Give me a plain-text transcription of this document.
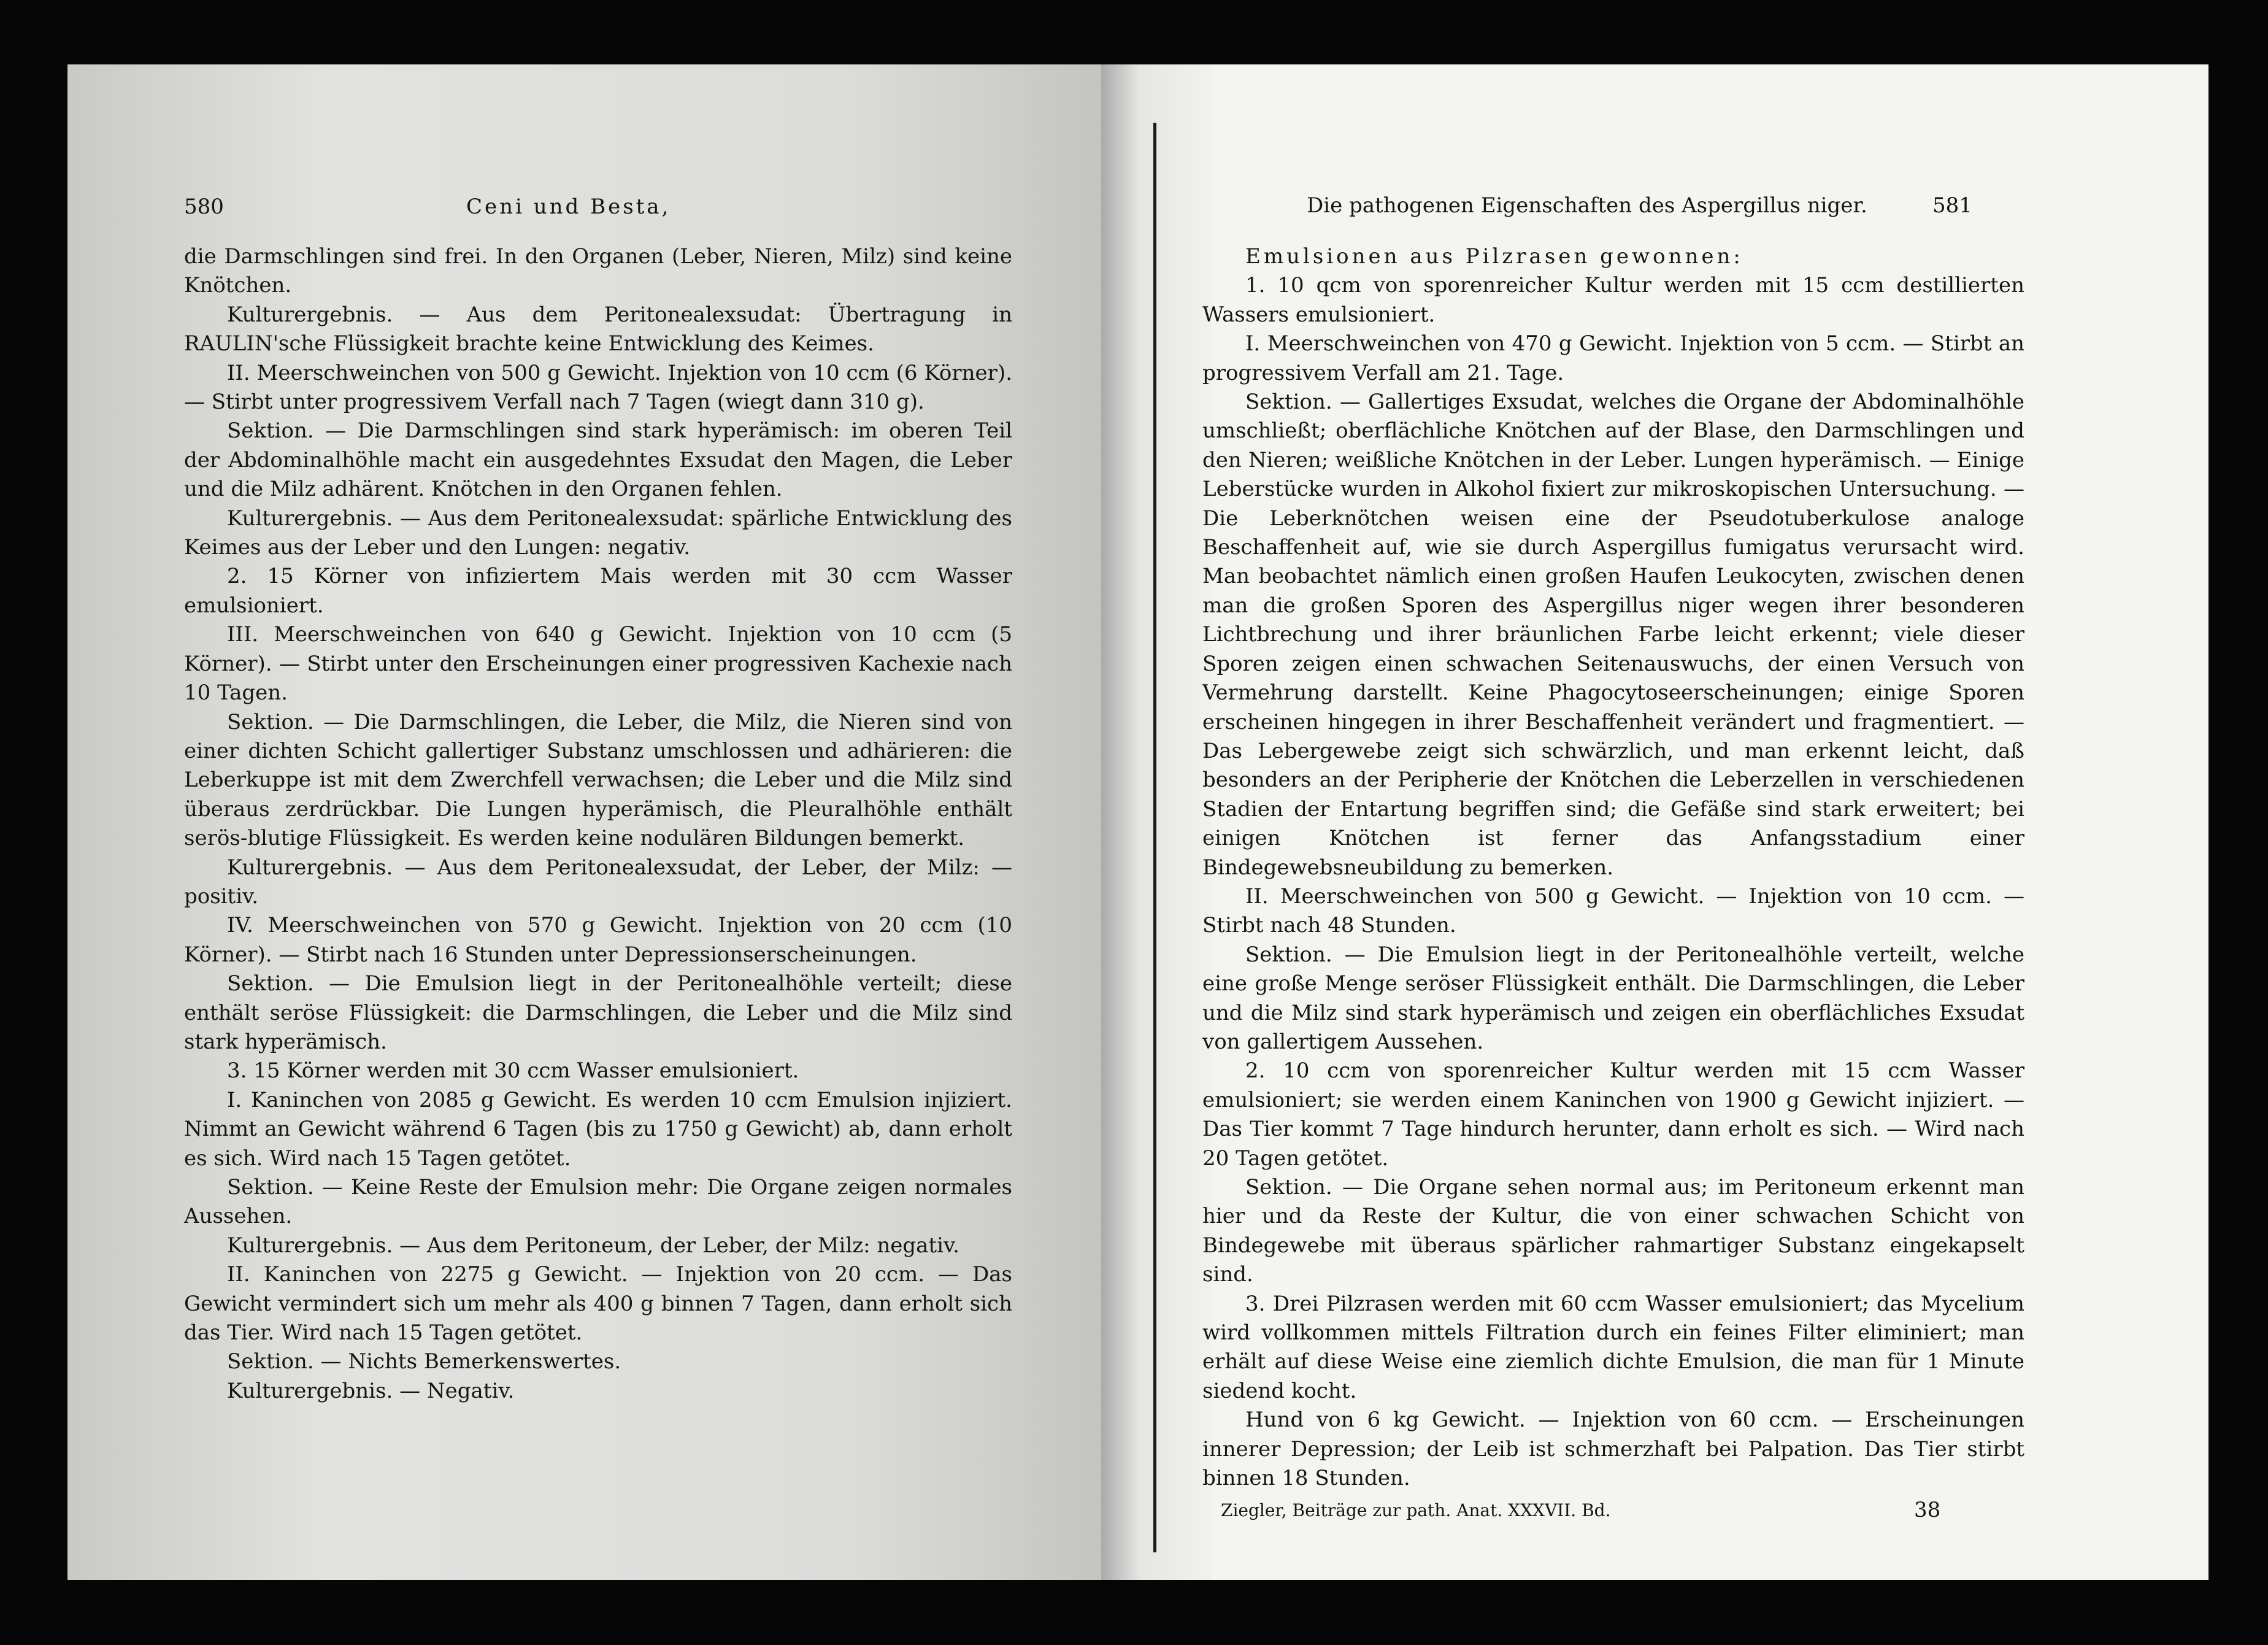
580	Ceni und Besta,	Die pathogenen Eigenschaften des Aspergillus niger.	581

die Darmschlingen sind frei. In den Organen (Leber, Nieren, Milz) sind keine Knötchen.

Kulturergebnis. — Aus dem Peritonealexsudat: Übertragung in RAULIN'sche Flüssigkeit brachte keine Entwicklung des Keimes.

II. Meerschweinchen von 500 g Gewicht. Injektion von 10 ccm (6 Körner). — Stirbt unter progressivem Verfall nach 7 Tagen (wiegt dann 310 g).

Sektion. — Die Darmschlingen sind stark hyperämisch: im oberen Teil der Abdominalhöhle macht ein ausgedehntes Exsudat den Magen, die Leber und die Milz adhärent. Knötchen in den Organen fehlen.

Kulturergebnis. — Aus dem Peritonealexsudat: spärliche Entwicklung des Keimes aus der Leber und den Lungen: negativ.

2. 15 Körner von infiziertem Mais werden mit 30 ccm Wasser emulsioniert.

III. Meerschweinchen von 640 g Gewicht. Injektion von 10 ccm (5 Körner). — Stirbt unter den Erscheinungen einer progressiven Kachexie nach 10 Tagen.

Sektion. — Die Darmschlingen, die Leber, die Milz, die Nieren sind von einer dichten Schicht gallertiger Substanz umschlossen und adhärieren: die Leberkuppe ist mit dem Zwerchfell verwachsen; die Leber und die Milz sind überaus zerdrückbar. Die Lungen hyperämisch, die Pleuralhöhle enthält serös-blutige Flüssigkeit. Es werden keine nodulären Bildungen bemerkt.

Kulturergebnis. — Aus dem Peritonealexsudat, der Leber, der Milz: — positiv.

IV. Meerschweinchen von 570 g Gewicht. Injektion von 20 ccm (10 Körner). — Stirbt nach 16 Stunden unter Depressionserscheinungen.

Sektion. — Die Emulsion liegt in der Peritonealhöhle verteilt; diese enthält seröse Flüssigkeit: die Darmschlingen, die Leber und die Milz sind stark hyperämisch.

3. 15 Körner werden mit 30 ccm Wasser emulsioniert.

I. Kaninchen von 2085 g Gewicht. Es werden 10 ccm Emulsion injiziert. Nimmt an Gewicht während 6 Tagen (bis zu 1750 g Gewicht) ab, dann erholt es sich. Wird nach 15 Tagen getötet.

Sektion. — Keine Reste der Emulsion mehr: Die Organe zeigen normales Aussehen.

Kulturergebnis. — Aus dem Peritoneum, der Leber, der Milz: negativ.

II. Kaninchen von 2275 g Gewicht. — Injektion von 20 ccm. — Das Gewicht vermindert sich um mehr als 400 g binnen 7 Tagen, dann erholt sich das Tier. Wird nach 15 Tagen getötet.

Sektion. — Nichts Bemerkenswertes.

Kulturergebnis. — Negativ.

Emulsionen aus Pilzrasen gewonnen:

1. 10 qcm von sporenreicher Kultur werden mit 15 ccm destillierten Wassers emulsioniert.

I. Meerschweinchen von 470 g Gewicht. Injektion von 5 ccm. — Stirbt an progressivem Verfall am 21. Tage.

Sektion. — Gallertiges Exsudat, welches die Organe der Abdominalhöhle umschließt; oberflächliche Knötchen auf der Blase, den Darmschlingen und den Nieren; weißliche Knötchen in der Leber. Lungen hyperämisch. — Einige Leberstücke wurden in Alkohol fixiert zur mikroskopischen Untersuchung. — Die Leberknötchen weisen eine der Pseudotuberkulose analoge Beschaffenheit auf, wie sie durch Aspergillus fumigatus verursacht wird. Man beobachtet nämlich einen großen Haufen Leukocyten, zwischen denen man die großen Sporen des Aspergillus niger wegen ihrer besonderen Lichtbrechung und ihrer bräunlichen Farbe leicht erkennt; viele dieser Sporen zeigen einen schwachen Seitenauswuchs, der einen Versuch von Vermehrung darstellt. Keine Phagocytoseerscheinungen; einige Sporen erscheinen hingegen in ihrer Beschaffenheit verändert und fragmentiert. — Das Lebergewebe zeigt sich schwärzlich, und man erkennt leicht, daß besonders an der Peripherie der Knötchen die Leberzellen in verschiedenen Stadien der Entartung begriffen sind; die Gefäße sind stark erweitert; bei einigen Knötchen ist ferner das Anfangsstadium einer Bindegewebsneubildung zu bemerken.

II. Meerschweinchen von 500 g Gewicht. — Injektion von 10 ccm. — Stirbt nach 48 Stunden.

Sektion. — Die Emulsion liegt in der Peritonealhöhle verteilt, welche eine große Menge seröser Flüssigkeit enthält. Die Darmschlingen, die Leber und die Milz sind stark hyperämisch und zeigen ein oberflächliches Exsudat von gallertigem Aussehen.

2. 10 ccm von sporenreicher Kultur werden mit 15 ccm Wasser emulsioniert; sie werden einem Kaninchen von 1900 g Gewicht injiziert. — Das Tier kommt 7 Tage hindurch herunter, dann erholt es sich. — Wird nach 20 Tagen getötet.

Sektion. — Die Organe sehen normal aus; im Peritoneum erkennt man hier und da Reste der Kultur, die von einer schwachen Schicht von Bindegewebe mit überaus spärlicher rahmartiger Substanz eingekapselt sind.

3. Drei Pilzrasen werden mit 60 ccm Wasser emulsioniert; das Mycelium wird vollkommen mittels Filtration durch ein feines Filter eliminiert; man erhält auf diese Weise eine ziemlich dichte Emulsion, die man für 1 Minute siedend kocht.

Hund von 6 kg Gewicht. — Injektion von 60 ccm. — Erscheinungen innerer Depression; der Leib ist schmerzhaft bei Palpation. Das Tier stirbt binnen 18 Stunden.

Ziegler, Beiträge zur path. Anat. XXXVII. Bd.	38
